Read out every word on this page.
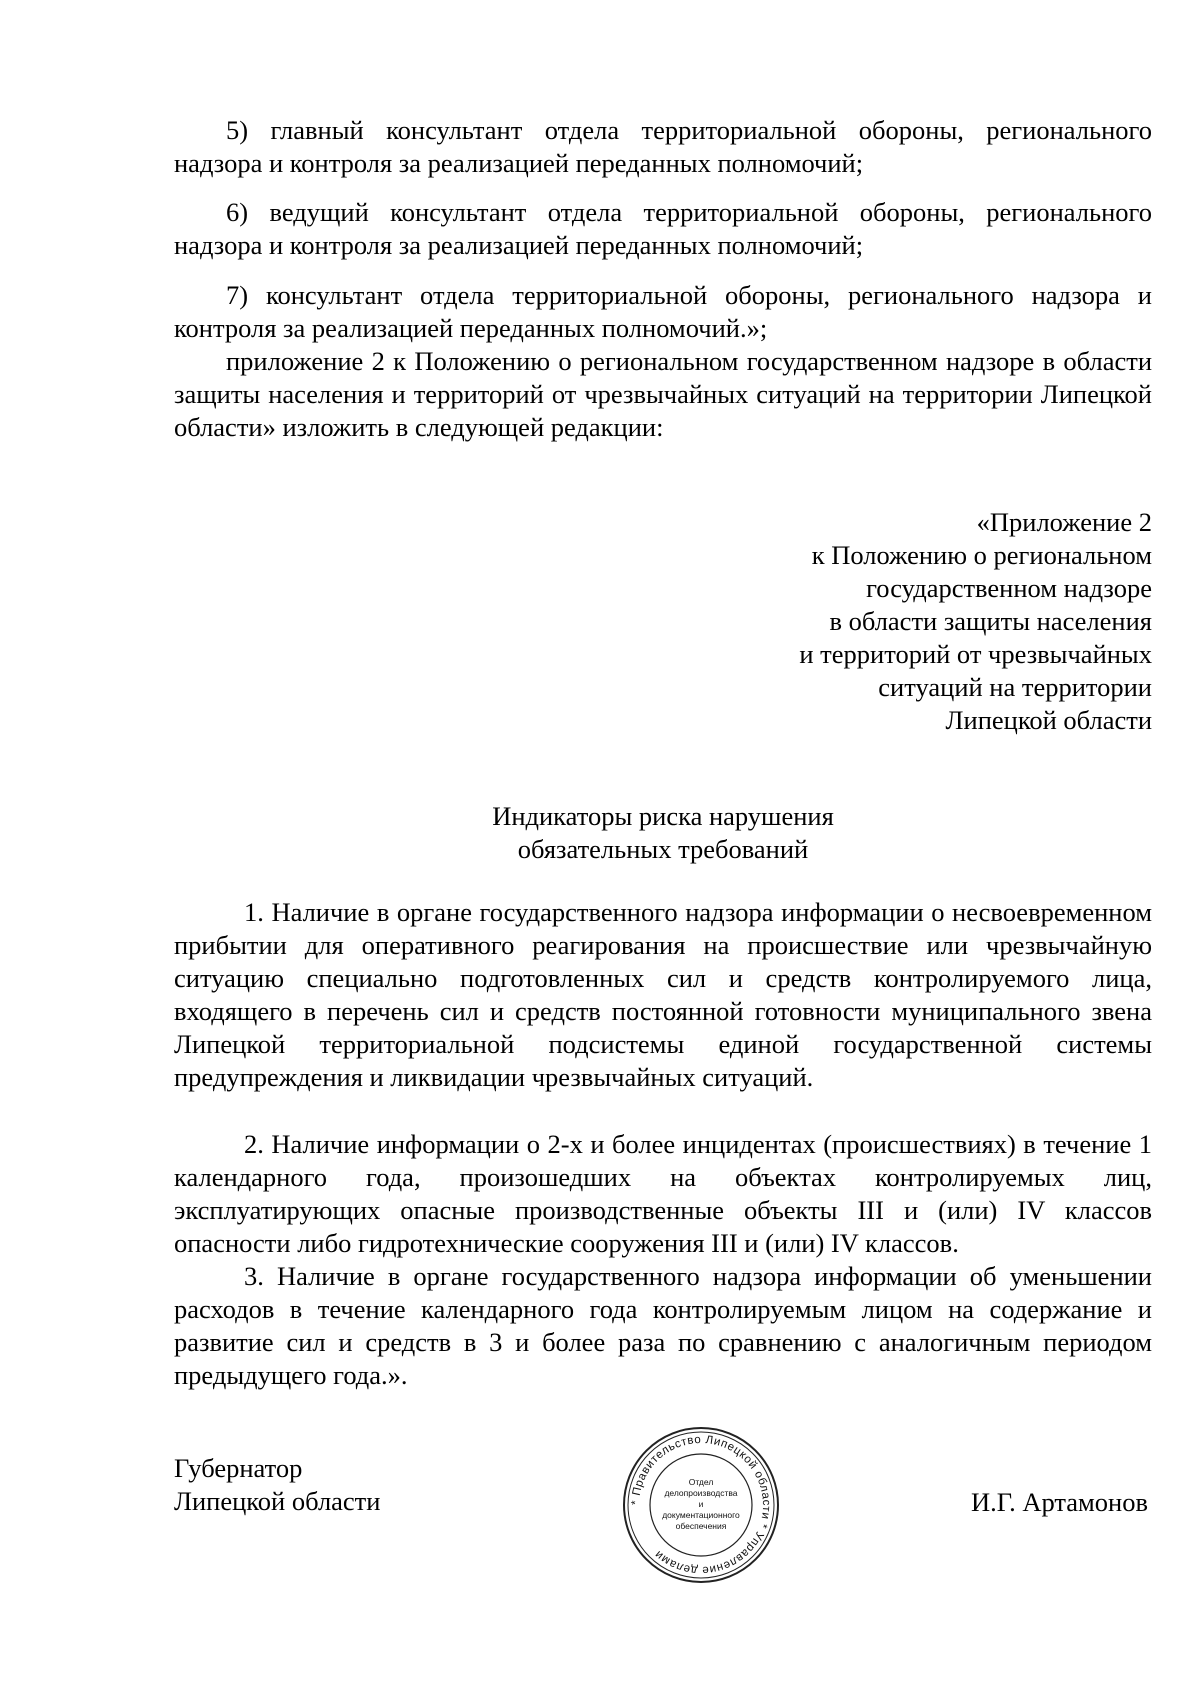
5) главный консультант отдела территориальной обороны, регионального надзора и контроля за реализацией переданных полномочий;
6) ведущий консультант отдела территориальной обороны, регионального надзора и контроля за реализацией переданных полномочий;
7) консультант отдела территориальной обороны, регионального надзора и контроля за реализацией переданных полномочий.»;
приложение 2 к Положению о региональном государственном надзоре в области защиты населения и территорий от чрезвычайных ситуаций на территории Липецкой области» изложить в следующей редакции:
«Приложение 2
к Положению о региональном
государственном надзоре
в области защиты населения
и территорий от чрезвычайных
ситуаций на территории
Липецкой области
Индикаторы риска нарушения
обязательных требований
1. Наличие в органе государственного надзора информации о несвоевременном прибытии для оперативного реагирования на происшествие или чрезвычайную ситуацию специально подготовленных сил и средств контролируемого лица, входящего в перечень сил и средств постоянной готовности муниципального звена Липецкой территориальной подсистемы единой государственной системы предупреждения и ликвидации чрезвычайных ситуаций.
2. Наличие информации о 2-х и более инцидентах (происшествиях) в течение 1 календарного года, произошедших на объектах контролируемых лиц, эксплуатирующих опасные производственные объекты III и (или) IV классов опасности либо гидротехнические сооружения III и (или) IV классов.
3. Наличие в органе государственного надзора информации об уменьшении расходов в течение календарного года контролируемым лицом на содержание и развитие сил и средств в 3 и более раза по сравнению с аналогичным периодом предыдущего года.».
Губернатор
Липецкой области	* Правительство Липецкой области * Управление делами
Отдел
делопроизводства и
документационного
обеспечения
И.Г. Артамонов
